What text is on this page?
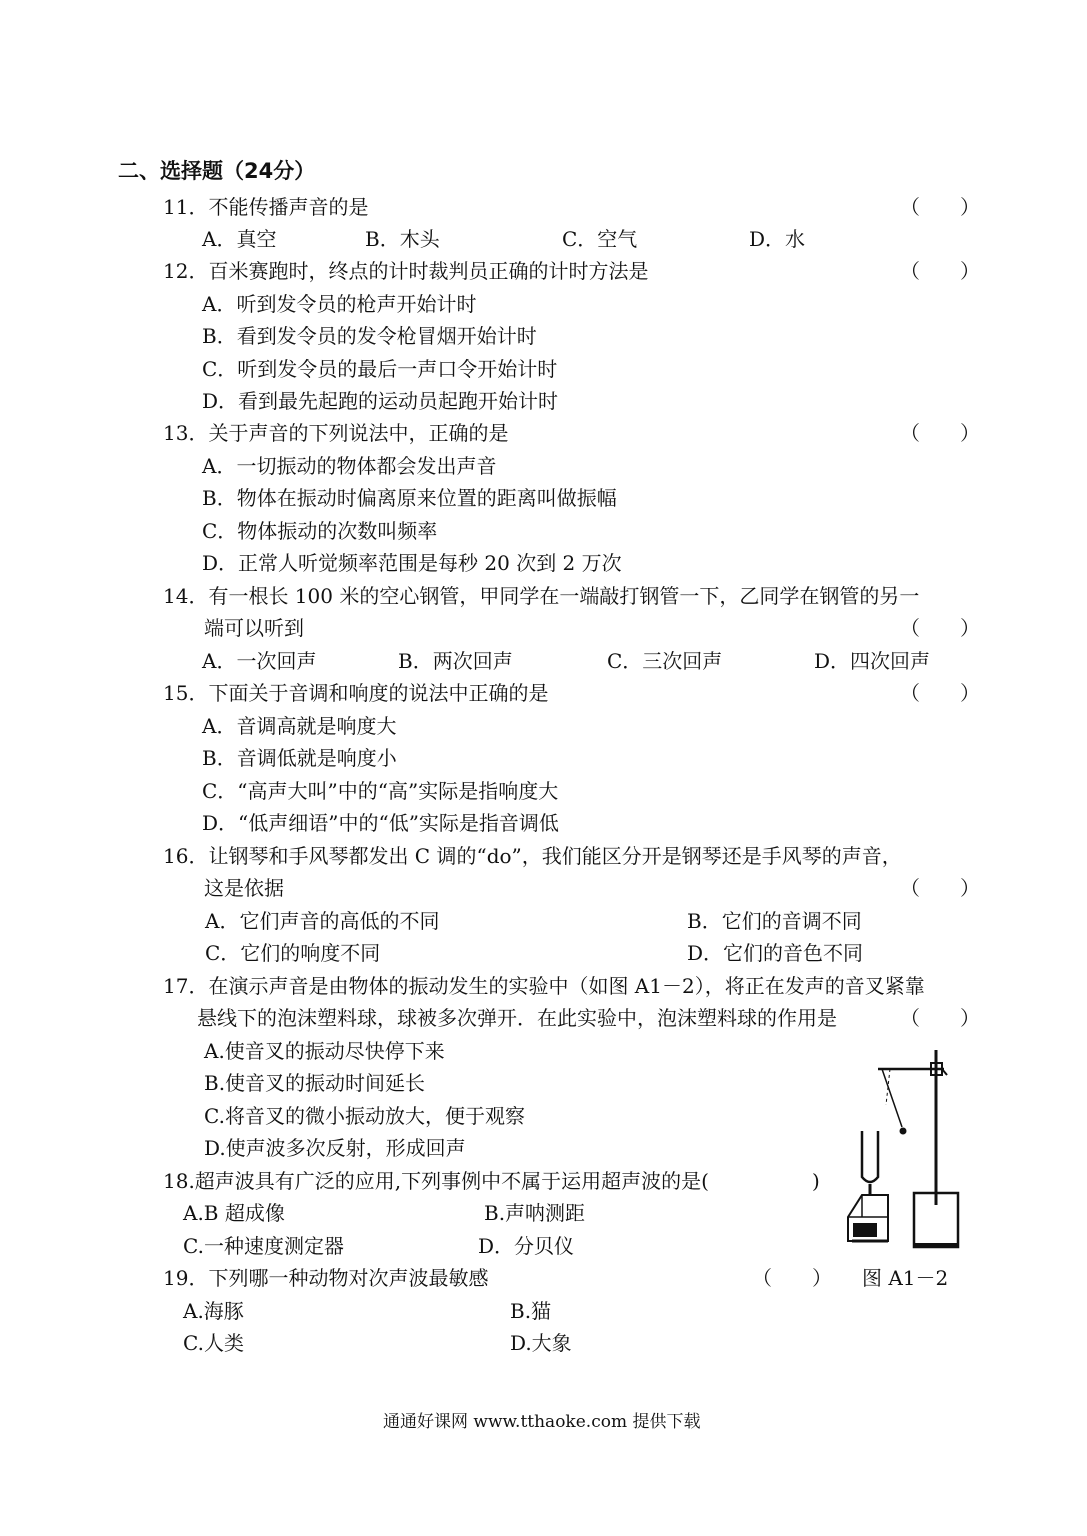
二、选择题（24分）
11．不能传播声音的是	（　　）
A．真空	B．木头	C．空气	D．水
12．百米赛跑时，终点的计时裁判员正确的计时方法是	（　　）
A．听到发令员的枪声开始计时
B．看到发令员的发令枪冒烟开始计时
C．听到发令员的最后一声口令开始计时
D．看到最先起跑的运动员起跑开始计时
13．关于声音的下列说法中，正确的是	（　　）
A．一切振动的物体都会发出声音
B．物体在振动时偏离原来位置的距离叫做振幅
C．物体振动的次数叫频率
D．正常人听觉频率范围是每秒 20 次到 2 万次
14．有一根长 100 米的空心钢管，甲同学在一端敲打钢管一下，乙同学在钢管的另一
端可以听到	（　　）
A．一次回声	B．两次回声	C．三次回声	D．四次回声
15．下面关于音调和响度的说法中正确的是	（　　）
A．音调高就是响度大
B．音调低就是响度小
C．“高声大叫”中的“高”实际是指响度大
D．“低声细语”中的“低”实际是指音调低
16．让钢琴和手风琴都发出 C 调的“do”，我们能区分开是钢琴还是手风琴的声音，
这是依据	（　　）
A．它们声音的高低的不同	B．它们的音调不同
C．它们的响度不同	D．它们的音色不同
17．在演示声音是由物体的振动发生的实验中（如图 A1－2），将正在发声的音叉紧靠
悬线下的泡沫塑料球，球被多次弹开．在此实验中，泡沫塑料球的作用是	（　　）
A.使音叉的振动尽快停下来
B.使音叉的振动时间延长
C.将音叉的微小振动放大，便于观察
D.使声波多次反射，形成回声
18.超声波具有广泛的应用,下列事例中不属于运用超声波的是(	)
A.B 超成像	B.声呐测距
C.一种速度测定器	D．分贝仪
19．下列哪一种动物对次声波最敏感	（　　）
A.海豚	B.猫
C.人类	D.大象
图 A1－2
通通好课网 www.tthaoke.com 提供下载
